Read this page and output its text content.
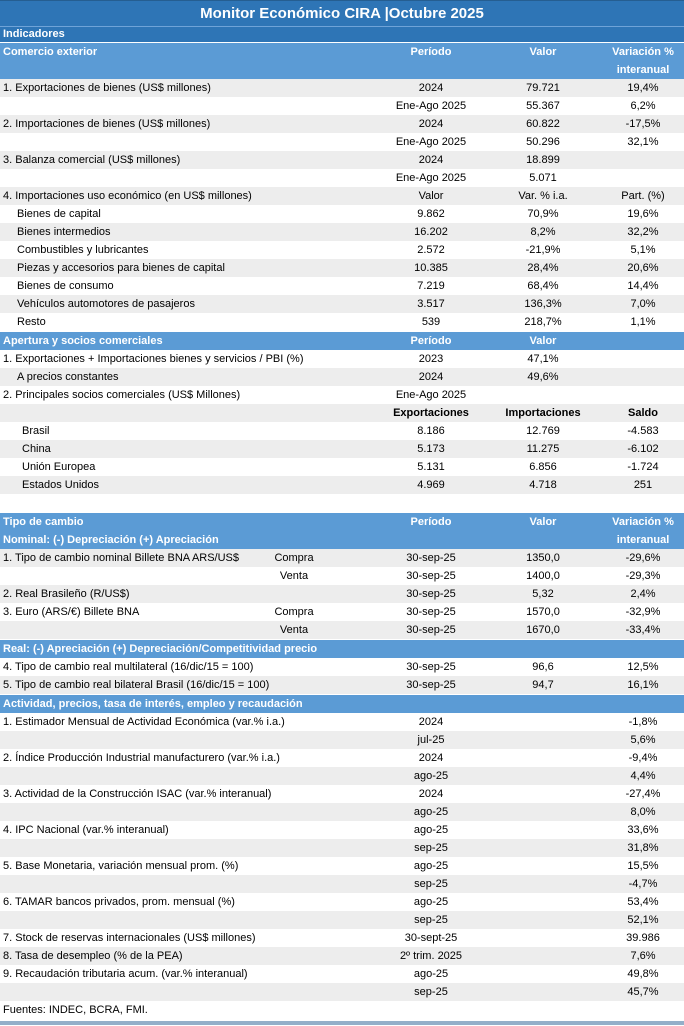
Monitor Económico CIRA |Octubre 2025
Indicadores
Comercio exterior	Período	Valor	Variación %
interanual
1. Exportaciones de bienes (US$ millones)	2024	79.721	19,4%
Ene-Ago 2025	55.367	6,2%
2. Importaciones de bienes (US$ millones)	2024	60.822	-17,5%
Ene-Ago 2025	50.296	32,1%
3. Balanza comercial (US$ millones)	2024	18.899
Ene-Ago 2025	5.071
4. Importaciones uso económico (en US$ millones)	Valor	Var. % i.a.	Part. (%)
Bienes de capital	9.862	70,9%	19,6%
Bienes intermedios	16.202	8,2%	32,2%
Combustibles y lubricantes	2.572	-21,9%	5,1%
Piezas y accesorios para bienes de capital	10.385	28,4%	20,6%
Bienes de consumo	7.219	68,4%	14,4%
Vehículos automotores de pasajeros	3.517	136,3%	7,0%
Resto	539	218,7%	1,1%
Apertura y socios comerciales	Período	Valor
1. Exportaciones + Importaciones bienes y servicios / PBI (%)	2023	47,1%
A precios constantes	2024	49,6%
2. Principales socios comerciales (US$ Millones)	Ene-Ago 2025
Exportaciones	Importaciones	Saldo
Brasil	8.186	12.769	-4.583
China	5.173	11.275	-6.102
Unión Europea	5.131	6.856	-1.724
Estados Unidos	4.969	4.718	251
Tipo de cambio	Período	Valor	Variación %
Nominal: (-) Depreciación (+) Apreciación	interanual
1. Tipo de cambio nominal Billete BNA ARS/US$	Compra	30-sep-25	1350,0	-29,6%
Venta	30-sep-25	1400,0	-29,3%
2. Real Brasileño (R/US$)	30-sep-25	5,32	2,4%
3. Euro (ARS/€) Billete BNA	Compra	30-sep-25	1570,0	-32,9%
Venta	30-sep-25	1670,0	-33,4%
Real: (-) Apreciación (+) Depreciación/Competitividad precio
4. Tipo de cambio real multilateral (16/dic/15 = 100)	30-sep-25	96,6	12,5%
5. Tipo de cambio real bilateral Brasil (16/dic/15 = 100)	30-sep-25	94,7	16,1%
Actividad, precios, tasa de interés, empleo y recaudación
1. Estimador Mensual de Actividad Económica (var.% i.a.)	2024	-1,8%
jul-25	5,6%
2. Índice Producción Industrial manufacturero (var.% i.a.)	2024	-9,4%
ago-25	4,4%
3. Actividad de la Construcción ISAC (var.% interanual)	2024	-27,4%
ago-25	8,0%
4. IPC Nacional (var.% interanual)	ago-25	33,6%
sep-25	31,8%
5. Base Monetaria, variación mensual prom. (%)	ago-25	15,5%
sep-25	-4,7%
6. TAMAR bancos privados, prom. mensual (%)	ago-25	53,4%
sep-25	52,1%
7. Stock de reservas internacionales (US$ millones)	30-sept-25	39.986
8. Tasa de desempleo (% de la PEA)	2º trim. 2025	7,6%
9. Recaudación tributaria acum. (var.% interanual)	ago-25	49,8%
sep-25	45,7%
Fuentes: INDEC, BCRA, FMI.
